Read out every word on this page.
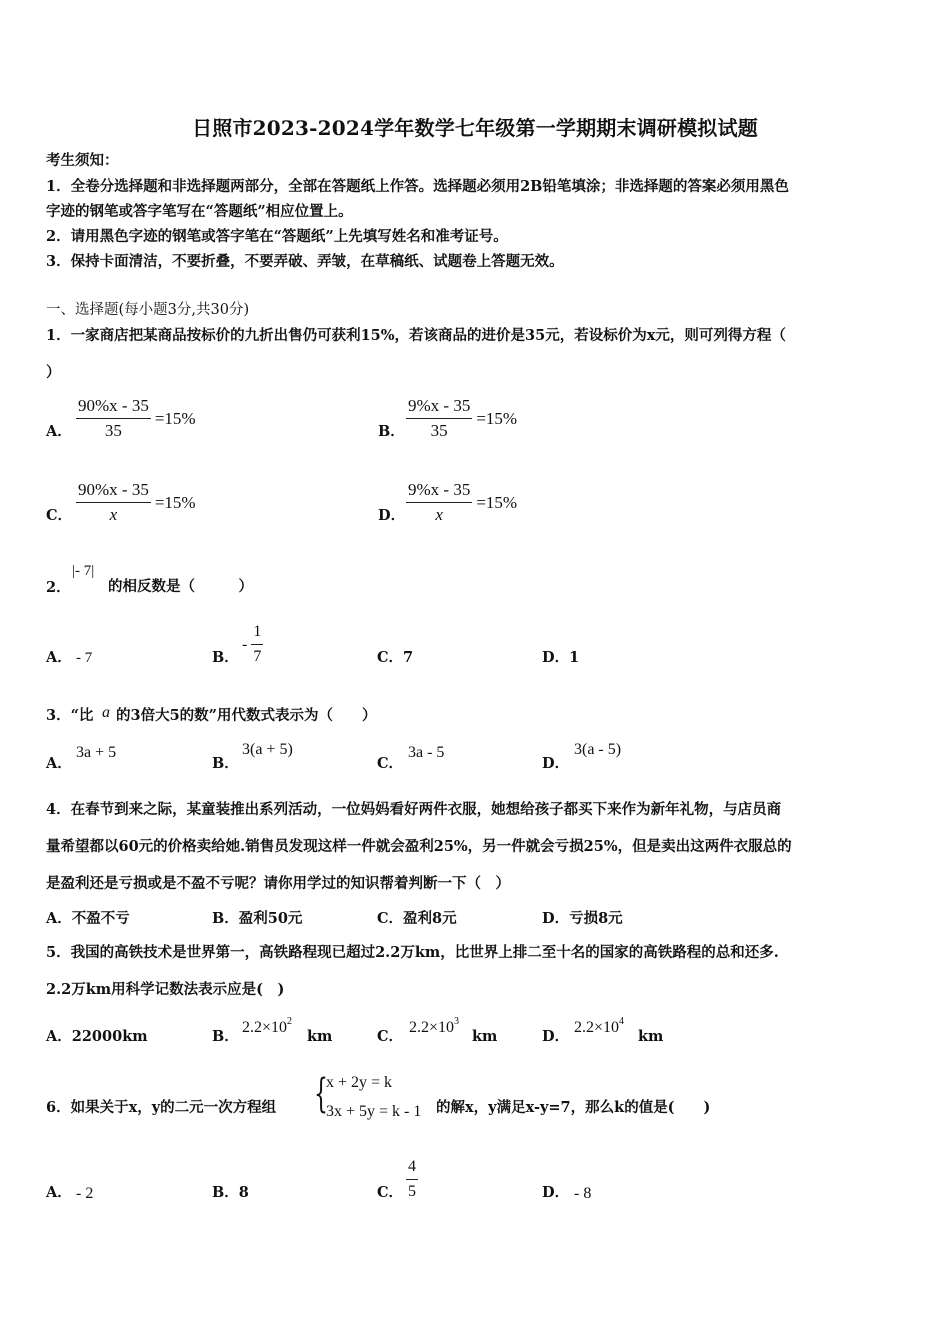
日照市2023-2024学年数学七年级第一学期期末调研模拟试题
考生须知：
1．全卷分选择题和非选择题两部分，全部在答题纸上作答。选择题必须用2B铅笔填涂；非选择题的答案必须用黑色
字迹的钢笔或答字笔写在“答题纸”相应位置上。
2．请用黑色字迹的钢笔或答字笔在“答题纸”上先填写姓名和准考证号。
3．保持卡面清洁，不要折叠，不要弄破、弄皱，在草稿纸、试题卷上答题无效。
一、选择题(每小题3分,共30分)
1．一家商店把某商品按标价的九折出售仍可获利15%，若该商品的进价是35元，若设标价为x元，则可列得方程（
）
A． $\frac{90\%x - 35}{35} =15\%$
B． $\frac{9\%x - 35}{35} =15\%$
C． $\frac{90\%x - 35}{x} =15\%$
D． $\frac{9\%x - 35}{x} =15\%$
2．
|- 7|
的相反数是（　　　）
A． - 7	B．
- $\frac{1}{7}$	C．7	D．1
3．“比 a 的3倍大5的数”用代数式表示为（　　）
A．
3a + 5
B．
3(a + 5)
C．
3a - 5
D．
3(a - 5)
4．在春节到来之际，某童装推出系列活动，一位妈妈看好两件衣服，她想给孩子都买下来作为新年礼物，与店员商
量希望都以60元的价格卖给她.销售员发现这样一件就会盈利25%，另一件就会亏损25%，但是卖出这两件衣服总的
是盈利还是亏损或是不盈不亏呢？请你用学过的知识帮着判断一下（　）
A．不盈不亏	B．盈利50元	C．盈利8元	D．亏损8元
5．我国的高铁技术是世界第一，高铁路程现已超过2.2万km，比世界上排二至十名的国家的高铁路程的总和还多.
2.2万km用科学记数法表示应是(　)
A．22000km	B．
$2.2\times 10^2$
km	C．
$2.2\times 10^3$
km	D．
$2.2\times 10^4$
km
6．如果关于x，y的二元一次方程组 {
x + 2y = k
3x + 5y = k - 1 的解x，y满足x-y=7，那么k的值是(　　)
A． - 2	B．8	C． $\frac{4}{5}$	D． - 8
